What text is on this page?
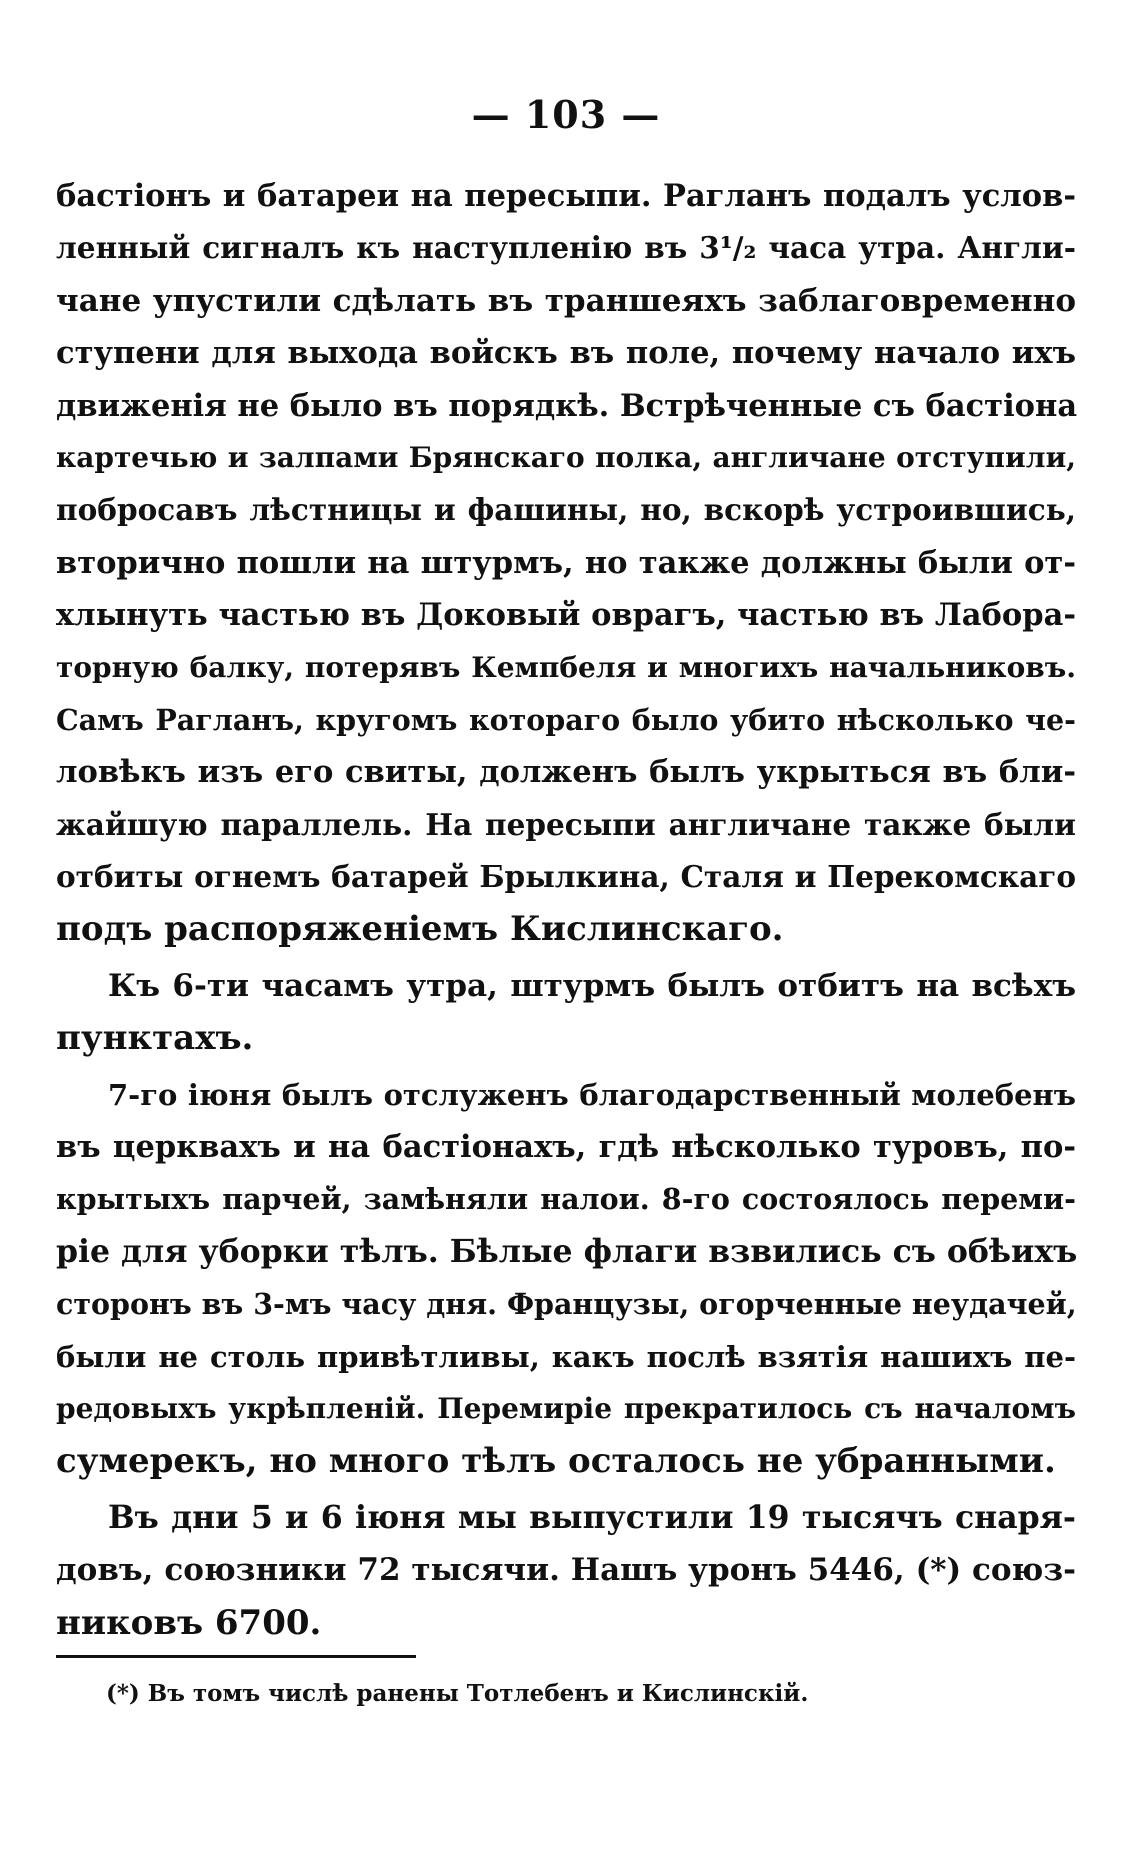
— 103 —
бастіонъ и батареи на пересыпи. Рагланъ подалъ услов-
ленный сигналъ къ наступленію въ 3¹/₂ часа утра. Англи-
чане упустили сдѣлать въ траншеяхъ заблаговременно
ступени для выхода войскъ въ поле, почему начало ихъ
движенія не было въ порядкѣ. Встрѣченные съ бастіона
картечью и залпами Брянскаго полка, англичане отступили,
побросавъ лѣстницы и фашины, но, вскорѣ устроившись,
вторично пошли на штурмъ, но также должны были от-
хлынуть частью въ Доковый оврагъ, частью въ Лабора-
торную балку, потерявъ Кемпбеля и многихъ начальниковъ.
Самъ Рагланъ, кругомъ котораго было убито нѣсколько че-
ловѣкъ изъ его свиты, долженъ былъ укрыться въ бли-
жайшую параллель. На пересыпи англичане также были
отбиты огнемъ батарей Брылкина, Сталя и Перекомскаго
подъ распоряженіемъ Кислинскаго.
Къ 6-ти часамъ утра, штурмъ былъ отбитъ на всѣхъ
пунктахъ.
7-го іюня былъ отслуженъ благодарственный молебенъ
въ церквахъ и на бастіонахъ, гдѣ нѣсколько туровъ, по-
крытыхъ парчей, замѣняли налои. 8-го состоялось переми-
ріе для уборки тѣлъ. Бѣлые флаги взвились съ обѣихъ
сторонъ въ 3-мъ часу дня. Французы, огорченные неудачей,
были не столь привѣтливы, какъ послѣ взятія нашихъ пе-
редовыхъ укрѣпленій. Перемиріе прекратилось съ началомъ
сумерекъ, но много тѣлъ осталось не убранными.
Въ дни 5 и 6 іюня мы выпустили 19 тысячъ снаря-
довъ, союзники 72 тысячи. Нашъ уронъ 5446, (*) союз-
никовъ 6700.
(*) Въ томъ числѣ ранены Тотлебенъ и Кислинскій.
